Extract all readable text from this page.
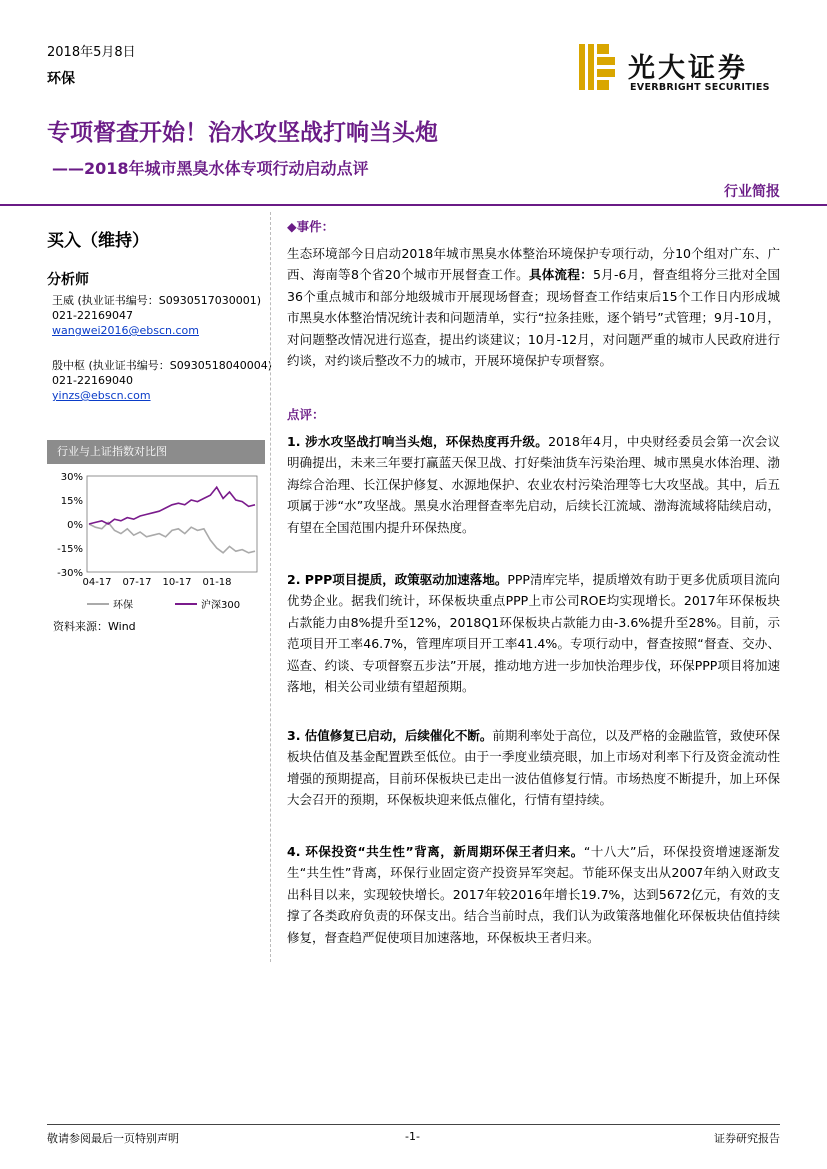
2018年5月8日
环保	光大证券
EVERBRIGHT SECURITIES
专项督查开始！治水攻坚战打响当头炮
——2018年城市黑臭水体专项行动启动点评
行业简报
买入（维持）
分析师
王威 (执业证书编号：S0930517030001)
021-22169047
wangwei2016@ebscn.com
殷中枢 (执业证书编号：S0930518040004)
021-22169040
yinzs@ebscn.com
行业与上证指数对比图
30%
15%
0%
-15%
-30%
04-17 07-17 10-17 01-18
环保	沪深300
资料来源：Wind
◆事件：

生态环境部今日启动2018年城市黑臭水体整治环境保护专项行动，分10个组对广东、广西、海南等8个省20个城市开展督查工作。具体流程：5月-6月，督查组将分三批对全国36个重点城市和部分地级城市开展现场督查；现场督查工作结束后15个工作日内形成城市黑臭水体整治情况统计表和问题清单，实行“拉条挂账，逐个销号”式管理；9月-10月，对问题整改情况进行巡查，提出约谈建议；10月-12月，对问题严重的城市人民政府进行约谈，对约谈后整改不力的城市，开展环境保护专项督察。

点评：

1. 涉水攻坚战打响当头炮，环保热度再升级。2018年4月，中央财经委员会第一次会议明确提出，未来三年要打赢蓝天保卫战、打好柴油货车污染治理、城市黑臭水体治理、渤海综合治理、长江保护修复、水源地保护、农业农村污染治理等七大攻坚战。其中，后五项属于涉“水”攻坚战。黑臭水治理督查率先启动，后续长江流域、渤海流域将陆续启动，有望在全国范围内提升环保热度。

2. PPP项目提质，政策驱动加速落地。PPP清库完毕，提质增效有助于更多优质项目流向优势企业。据我们统计，环保板块重点PPP上市公司ROE均实现增长。2017年环保板块占款能力由8%提升至12%，2018Q1环保板块占款能力由-3.6%提升至28%。目前，示范项目开工率46.7%，管理库项目开工率41.4%。专项行动中，督查按照“督查、交办、巡查、约谈、专项督察五步法”开展，推动地方进一步加快治理步伐，环保PPP项目将加速落地，相关公司业绩有望超预期。

3. 估值修复已启动，后续催化不断。前期利率处于高位，以及严格的金融监管，致使环保板块估值及基金配置跌至低位。由于一季度业绩亮眼，加上市场对利率下行及资金流动性增强的预期提高，目前环保板块已走出一波估值修复行情。市场热度不断提升，加上环保大会召开的预期，环保板块迎来低点催化，行情有望持续。

4. 环保投资“共生性”背离，新周期环保王者归来。“十八大”后，环保投资增速逐渐发生“共生性”背离，环保行业固定资产投资异军突起。节能环保支出从2007年纳入财政支出科目以来，实现较快增长。2017年较2016年增长19.7%，达到5672亿元，有效的支撑了各类政府负责的环保支出。结合当前时点，我们认为政策落地催化环保板块估值持续修复，督查趋严促使项目加速落地，环保板块王者归来。

敬请参阅最后一页特别声明	-1-	证券研究报告
